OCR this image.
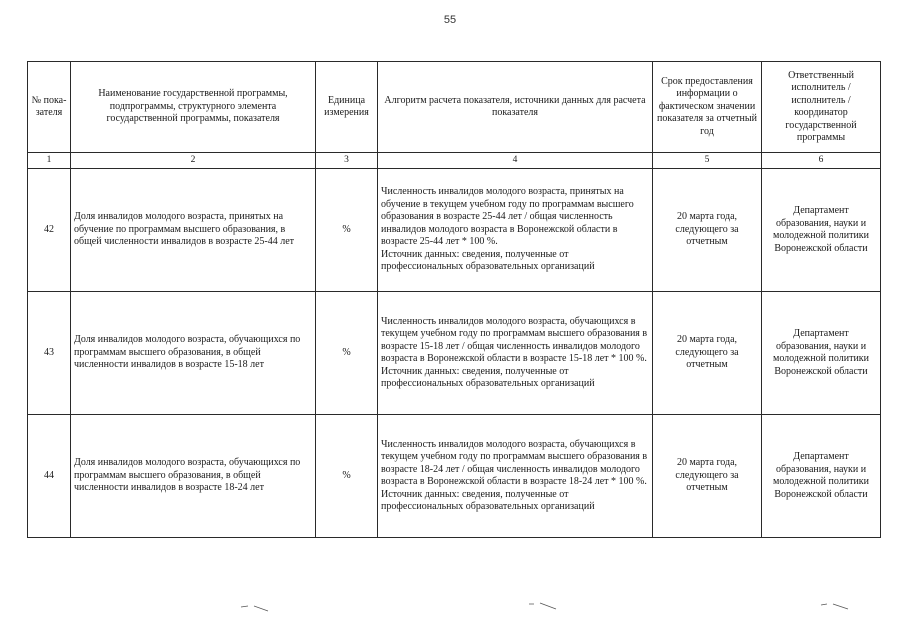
55
№ пока-зателя	Наименование государственной программы, подпрограммы, структурного элемента государственной программы, показателя	Единица измерения	Алгоритм расчета показателя, источники данных для расчета показателя	Срок предоставления информации о фактическом значении показателя за отчетный год	Ответственный исполнитель / исполнитель / координатор государственной программы
1	2	3	4	5	6
42	Доля инвалидов молодого возраста, принятых на обучение по программам высшего образования, в общей численности инвалидов в возрасте 25-44 лет	%	Численность инвалидов молодого возраста, принятых на обучение в текущем учебном году по программам высшего образования в возрасте 25-44 лет / общая численность инвалидов молодого возраста в Воронежской области в возрасте 25-44 лет * 100 %.
Источник данных: сведения, полученные от профессиональных образовательных организаций	20 марта года, следующего за отчетным	Департамент образования, науки и молодежной политики Воронежской области
43	Доля инвалидов молодого возраста, обучающихся по программам высшего образования, в общей численности инвалидов в возрасте 15-18 лет	%	Численность инвалидов молодого возраста, обучающихся в текущем учебном году по программам высшего образования в возрасте 15-18 лет / общая численность инвалидов молодого возраста в Воронежской области в возрасте 15-18 лет * 100 %.
Источник данных: сведения, полученные от профессиональных образовательных организаций	20 марта года, следующего за отчетным	Департамент образования, науки и молодежной политики Воронежской области
44	Доля инвалидов молодого возраста, обучающихся по программам высшего образования, в общей численности инвалидов в возрасте 18-24 лет	%	Численность инвалидов молодого возраста, обучающихся в текущем учебном году по программам высшего образования в возрасте 18-24 лет / общая численность инвалидов молодого возраста в Воронежской области в возрасте 18-24 лет * 100 %.
Источник данных: сведения, полученные от профессиональных образовательных организаций	20 марта года, следующего за отчетным	Департамент образования, науки и молодежной политики Воронежской области
